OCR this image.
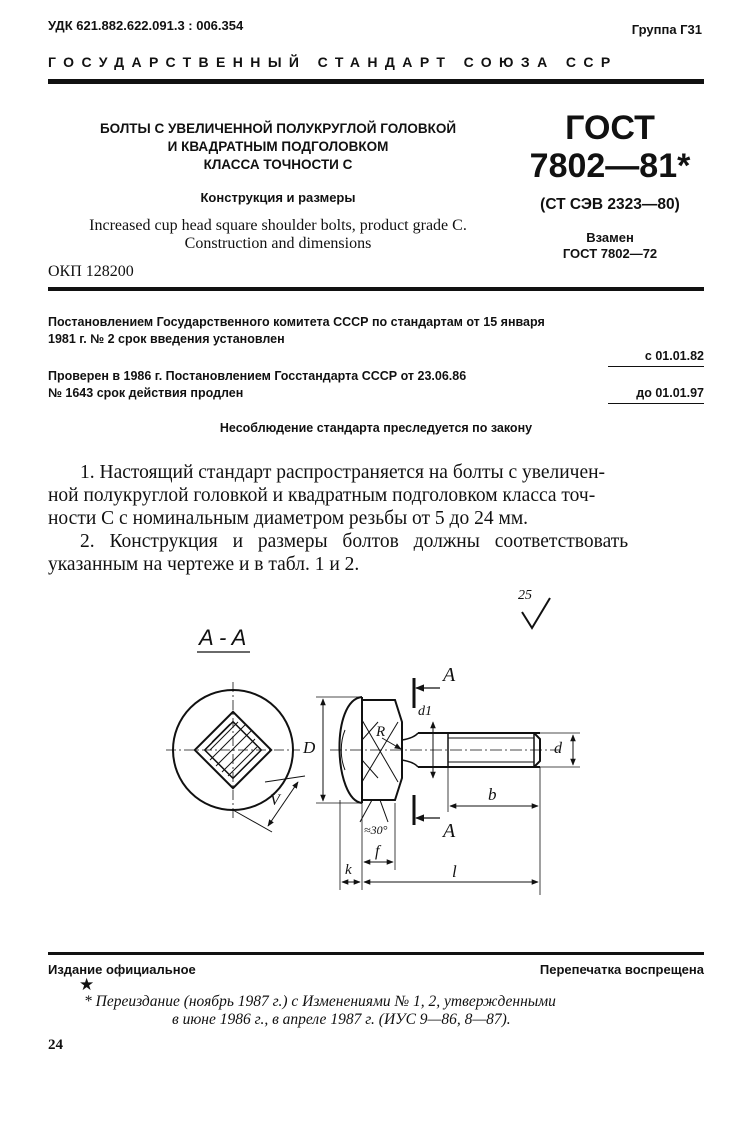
УДК 621.882.622.091.3 : 006.354	Группа Г31
ГОСУДАРСТВЕННЫЙ СТАНДАРТ СОЮЗА ССР
БОЛТЫ С УВЕЛИЧЕННОЙ ПОЛУКРУГЛОЙ ГОЛОВКОЙ
И КВАДРАТНЫМ ПОДГОЛОВКОМ
КЛАССА ТОЧНОСТИ С
Конструкция и размеры
Increased cup head square shoulder bolts, product grade C.
Construction and dimensions
ОКП 128200
ГОСТ
7802—81*
(СТ СЭВ 2323—80)
Взамен
ГОСТ 7802—72
Постановлением Государственного комитета СССР по стандартам от 15 января
1981 г. № 2 срок введения установлен
с 01.01.82
Проверен в 1986 г. Постановлением Госстандарта СССР от 23.06.86
№ 1643 срок действия продлен	до 01.01.97
Несоблюдение стандарта преследуется по закону
1. Настоящий стандарт распространяется на болты с увеличен-
ной полукруглой головкой и квадратным подголовком класса точ-
ности С с номинальным диаметром резьбы от 5 до 24 мм.
2. Конструкция и размеры болтов должны соответствовать
указанным на чертеже и в табл. 1 и 2.
25
A - A
A
A
D
d1
R
d
b
≈30°
f
k	l
V
Издание официальное	Перепечатка воспрещена
★
* Переиздание (ноябрь 1987 г.) с Изменениями № 1, 2, утвержденными
в июне 1986 г., в апреле 1987 г. (ИУС 9—86, 8—87).
24
